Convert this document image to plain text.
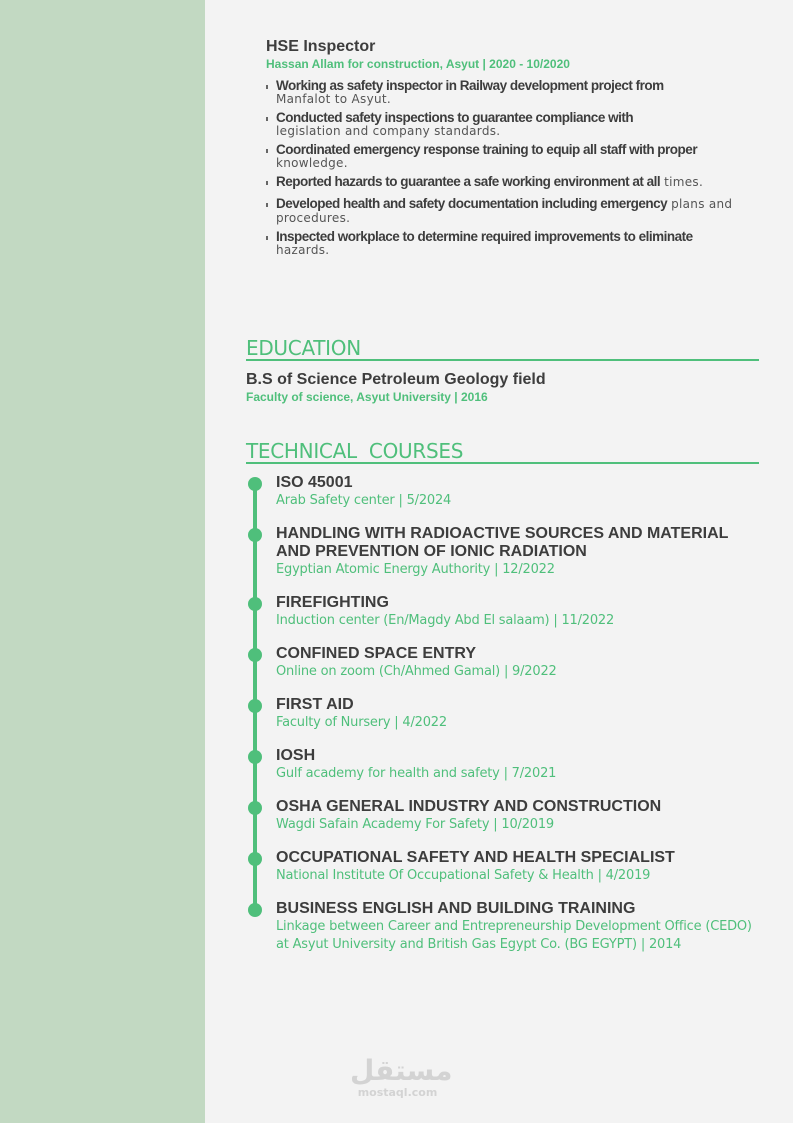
HSE Inspector
Hassan Allam for construction, Asyut | 2020 - 10/2020
Working as safety inspector in Railway development project from
Manfalot to Asyut.
Conducted safety inspections to guarantee compliance with
legislation and company standards.
Coordinated emergency response training to equip all staff with proper
knowledge.
Reported hazards to guarantee a safe working environment at all times.
Developed health and safety documentation including emergency plans and procedures.
Inspected workplace to determine required improvements to eliminate
hazards.
EDUCATION
B.S of Science Petroleum Geology field
Faculty of science, Asyut University | 2016
TECHNICAL  COURSES
ISO 45001
Arab Safety center | 5/2024
HANDLING WITH RADIOACTIVE SOURCES AND MATERIAL AND PREVENTION OF IONIC RADIATION
Egyptian Atomic Energy Authority | 12/2022
FIREFIGHTING
Induction center (En/Magdy Abd El salaam) | 11/2022
CONFINED SPACE ENTRY
Online on zoom (Ch/Ahmed Gamal) | 9/2022
FIRST AID
Faculty of Nursery | 4/2022
IOSH
Gulf academy for health and safety | 7/2021
OSHA GENERAL INDUSTRY AND CONSTRUCTION
Wagdi Safain Academy For Safety | 10/2019
OCCUPATIONAL SAFETY AND HEALTH SPECIALIST
National Institute Of Occupational Safety & Health | 4/2019
BUSINESS ENGLISH AND BUILDING TRAINING
Linkage between Career and Entrepreneurship Development Office (CEDO) at Asyut University and British Gas Egypt Co. (BG EGYPT) | 2014
مستقل
mostaql.com
